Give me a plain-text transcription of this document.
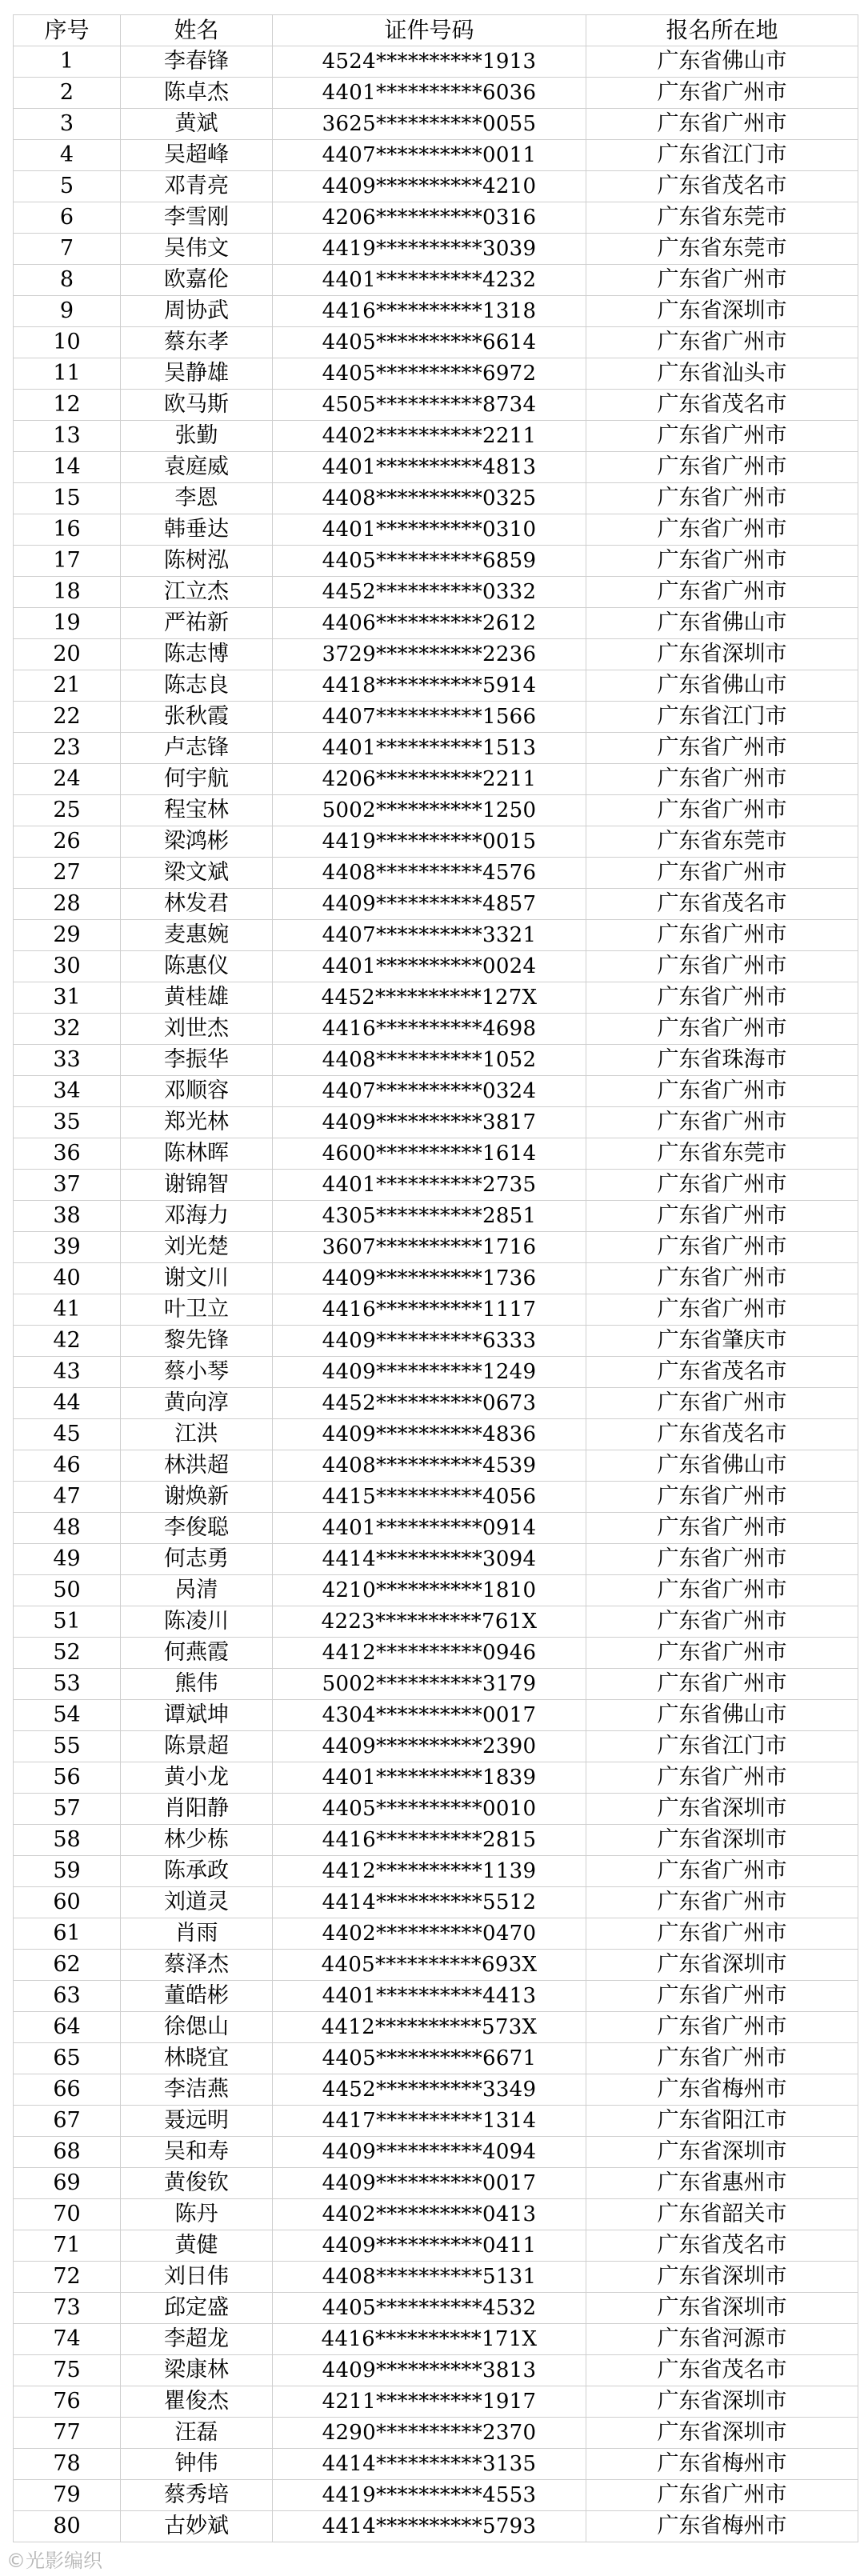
序号	姓名	证件号码	报名所在地
1	李春锋	4524**********1913	广东省佛山市
2	陈卓杰	4401**********6036	广东省广州市
3	黄斌	3625**********0055	广东省广州市
4	吴超峰	4407**********0011	广东省江门市
5	邓青亮	4409**********4210	广东省茂名市
6	李雪刚	4206**********0316	广东省东莞市
7	吴伟文	4419**********3039	广东省东莞市
8	欧嘉伦	4401**********4232	广东省广州市
9	周协武	4416**********1318	广东省深圳市
10	蔡东孝	4405**********6614	广东省广州市
11	吴静雄	4405**********6972	广东省汕头市
12	欧马斯	4505**********8734	广东省茂名市
13	张勤	4402**********2211	广东省广州市
14	袁庭威	4401**********4813	广东省广州市
15	李恩	4408**********0325	广东省广州市
16	韩垂达	4401**********0310	广东省广州市
17	陈树泓	4405**********6859	广东省广州市
18	江立杰	4452**********0332	广东省广州市
19	严祐新	4406**********2612	广东省佛山市
20	陈志博	3729**********2236	广东省深圳市
21	陈志良	4418**********5914	广东省佛山市
22	张秋霞	4407**********1566	广东省江门市
23	卢志锋	4401**********1513	广东省广州市
24	何宇航	4206**********2211	广东省广州市
25	程宝林	5002**********1250	广东省广州市
26	梁鸿彬	4419**********0015	广东省东莞市
27	梁文斌	4408**********4576	广东省广州市
28	林发君	4409**********4857	广东省茂名市
29	麦惠婉	4407**********3321	广东省广州市
30	陈惠仪	4401**********0024	广东省广州市
31	黄桂雄	4452**********127X	广东省广州市
32	刘世杰	4416**********4698	广东省广州市
33	李振华	4408**********1052	广东省珠海市
34	邓顺容	4407**********0324	广东省广州市
35	郑光林	4409**********3817	广东省广州市
36	陈林晖	4600**********1614	广东省东莞市
37	谢锦智	4401**********2735	广东省广州市
38	邓海力	4305**********2851	广东省广州市
39	刘光楚	3607**********1716	广东省广州市
40	谢文川	4409**********1736	广东省广州市
41	叶卫立	4416**********1117	广东省广州市
42	黎先锋	4409**********6333	广东省肇庆市
43	蔡小琴	4409**********1249	广东省茂名市
44	黄向淳	4452**********0673	广东省广州市
45	江洪	4409**********4836	广东省茂名市
46	林洪超	4408**********4539	广东省佛山市
47	谢焕新	4415**********4056	广东省广州市
48	李俊聪	4401**********0914	广东省广州市
49	何志勇	4414**********3094	广东省广州市
50	呙清	4210**********1810	广东省广州市
51	陈凌川	4223**********761X	广东省广州市
52	何燕霞	4412**********0946	广东省广州市
53	熊伟	5002**********3179	广东省广州市
54	谭斌坤	4304**********0017	广东省佛山市
55	陈景超	4409**********2390	广东省江门市
56	黄小龙	4401**********1839	广东省广州市
57	肖阳静	4405**********0010	广东省深圳市
58	林少栋	4416**********2815	广东省深圳市
59	陈承政	4412**********1139	广东省广州市
60	刘道灵	4414**********5512	广东省广州市
61	肖雨	4402**********0470	广东省广州市
62	蔡泽杰	4405**********693X	广东省深圳市
63	董皓彬	4401**********4413	广东省广州市
64	徐偲山	4412**********573X	广东省广州市
65	林晓宜	4405**********6671	广东省广州市
66	李洁燕	4452**********3349	广东省梅州市
67	聂远明	4417**********1314	广东省阳江市
68	吴和寿	4409**********4094	广东省深圳市
69	黄俊钦	4409**********0017	广东省惠州市
70	陈丹	4402**********0413	广东省韶关市
71	黄健	4409**********0411	广东省茂名市
72	刘日伟	4408**********5131	广东省深圳市
73	邱定盛	4405**********4532	广东省深圳市
74	李超龙	4416**********171X	广东省河源市
75	梁康林	4409**********3813	广东省茂名市
76	瞿俊杰	4211**********1917	广东省深圳市
77	汪磊	4290**********2370	广东省深圳市
78	钟伟	4414**********3135	广东省梅州市
79	蔡秀培	4419**********4553	广东省广州市
80	古妙斌	4414**********5793	广东省梅州市
©光影编织
